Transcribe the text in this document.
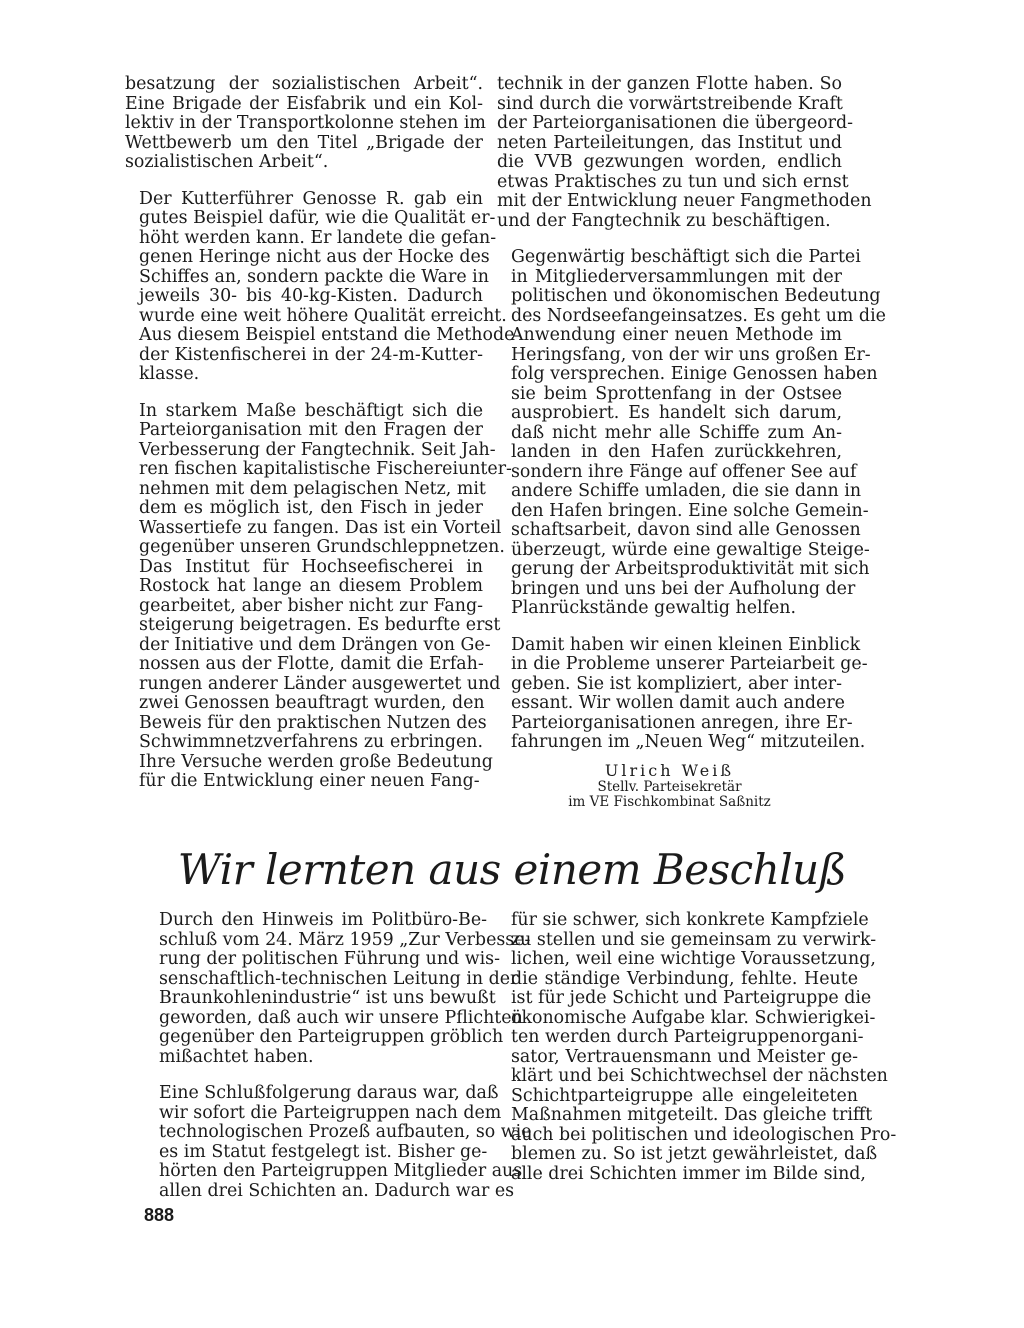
besatzung der sozialistischen Arbeit“.
Eine Brigade der Eisfabrik und ein Kol-
lektiv in der Transportkolonne stehen im
Wettbewerb um den Titel „Brigade der
sozialistischen Arbeit“.

Der Kutterführer Genosse R. gab ein
gutes Beispiel dafür, wie die Qualität er-
höht werden kann. Er landete die gefan-
genen Heringe nicht aus der Hocke des
Schiffes an, sondern packte die Ware in
jeweils 30- bis 40-kg-Kisten. Dadurch
wurde eine weit höhere Qualität erreicht.
Aus diesem Beispiel entstand die Methode
der Kistenfischerei in der 24-m-Kutter-
klasse.

In starkem Maße beschäftigt sich die
Parteiorganisation mit den Fragen der
Verbesserung der Fangtechnik. Seit Jah-
ren fischen kapitalistische Fischereiunter-
nehmen mit dem pelagischen Netz, mit
dem es möglich ist, den Fisch in jeder
Wassertiefe zu fangen. Das ist ein Vorteil
gegenüber unseren Grundschleppnetzen.
Das Institut für Hochseefischerei in
Rostock hat lange an diesem Problem
gearbeitet, aber bisher nicht zur Fang-
steigerung beigetragen. Es bedurfte erst
der Initiative und dem Drängen von Ge-
nossen aus der Flotte, damit die Erfah-
rungen anderer Länder ausgewertet und
zwei Genossen beauftragt wurden, den
Beweis für den praktischen Nutzen des
Schwimmnetzverfahrens zu erbringen.
Ihre Versuche werden große Bedeutung
für die Entwicklung einer neuen Fang-

technik in der ganzen Flotte haben. So
sind durch die vorwärtstreibende Kraft
der Parteiorganisationen die übergeord-
neten Parteileitungen, das Institut und
die VVB gezwungen worden, endlich
etwas Praktisches zu tun und sich ernst
mit der Entwicklung neuer Fangmethoden
und der Fangtechnik zu beschäftigen.

Gegenwärtig beschäftigt sich die Partei
in Mitgliederversammlungen mit der
politischen und ökonomischen Bedeutung
des Nordseefangeinsatzes. Es geht um die
Anwendung einer neuen Methode im
Heringsfang, von der wir uns großen Er-
folg versprechen. Einige Genossen haben
sie beim Sprottenfang in der Ostsee
ausprobiert. Es handelt sich darum,
daß nicht mehr alle Schiffe zum An-
landen in den Hafen zurückkehren,
sondern ihre Fänge auf offener See auf
andere Schiffe umladen, die sie dann in
den Hafen bringen. Eine solche Gemein-
schaftsarbeit, davon sind alle Genossen
überzeugt, würde eine gewaltige Steige-
gerung der Arbeitsproduktivität mit sich
bringen und uns bei der Aufholung der
Planrückstände gewaltig helfen.

Damit haben wir einen kleinen Einblick
in die Probleme unserer Parteiarbeit ge-
geben. Sie ist kompliziert, aber inter-
essant. Wir wollen damit auch andere
Parteiorganisationen anregen, ihre Er-
fahrungen im „Neuen Weg“ mitzuteilen.

Ulrich Weiß
Stellv. Parteisekretär
im VE Fischkombinat Saßnitz
Wir lernten aus einem Beschluß

Durch den Hinweis im Politbüro-Be-
schluß vom 24. März 1959 „Zur Verbesse-
rung der politischen Führung und wis-
senschaftlich-technischen Leitung in der
Braunkohlenindustrie“ ist uns bewußt
geworden, daß auch wir unsere Pflichten
gegenüber den Parteigruppen gröblich
mißachtet haben.

Eine Schlußfolgerung daraus war, daß
wir sofort die Parteigruppen nach dem
technologischen Prozeß aufbauten, so wie
es im Statut festgelegt ist. Bisher ge-
hörten den Parteigruppen Mitglieder aus
allen drei Schichten an. Dadurch war es

für sie schwer, sich konkrete Kampfziele
zu stellen und sie gemeinsam zu verwirk-
lichen, weil eine wichtige Voraussetzung,
die ständige Verbindung, fehlte. Heute
ist für jede Schicht und Parteigruppe die
ökonomische Aufgabe klar. Schwierigkei-
ten werden durch Parteigruppenorgani-
sator, Vertrauensmann und Meister ge-
klärt und bei Schichtwechsel der nächsten
Schichtparteigruppe alle eingeleiteten
Maßnahmen mitgeteilt. Das gleiche trifft
auch bei politischen und ideologischen Pro-
blemen zu. So ist jetzt gewährleistet, daß
alle drei Schichten immer im Bilde sind,

888
